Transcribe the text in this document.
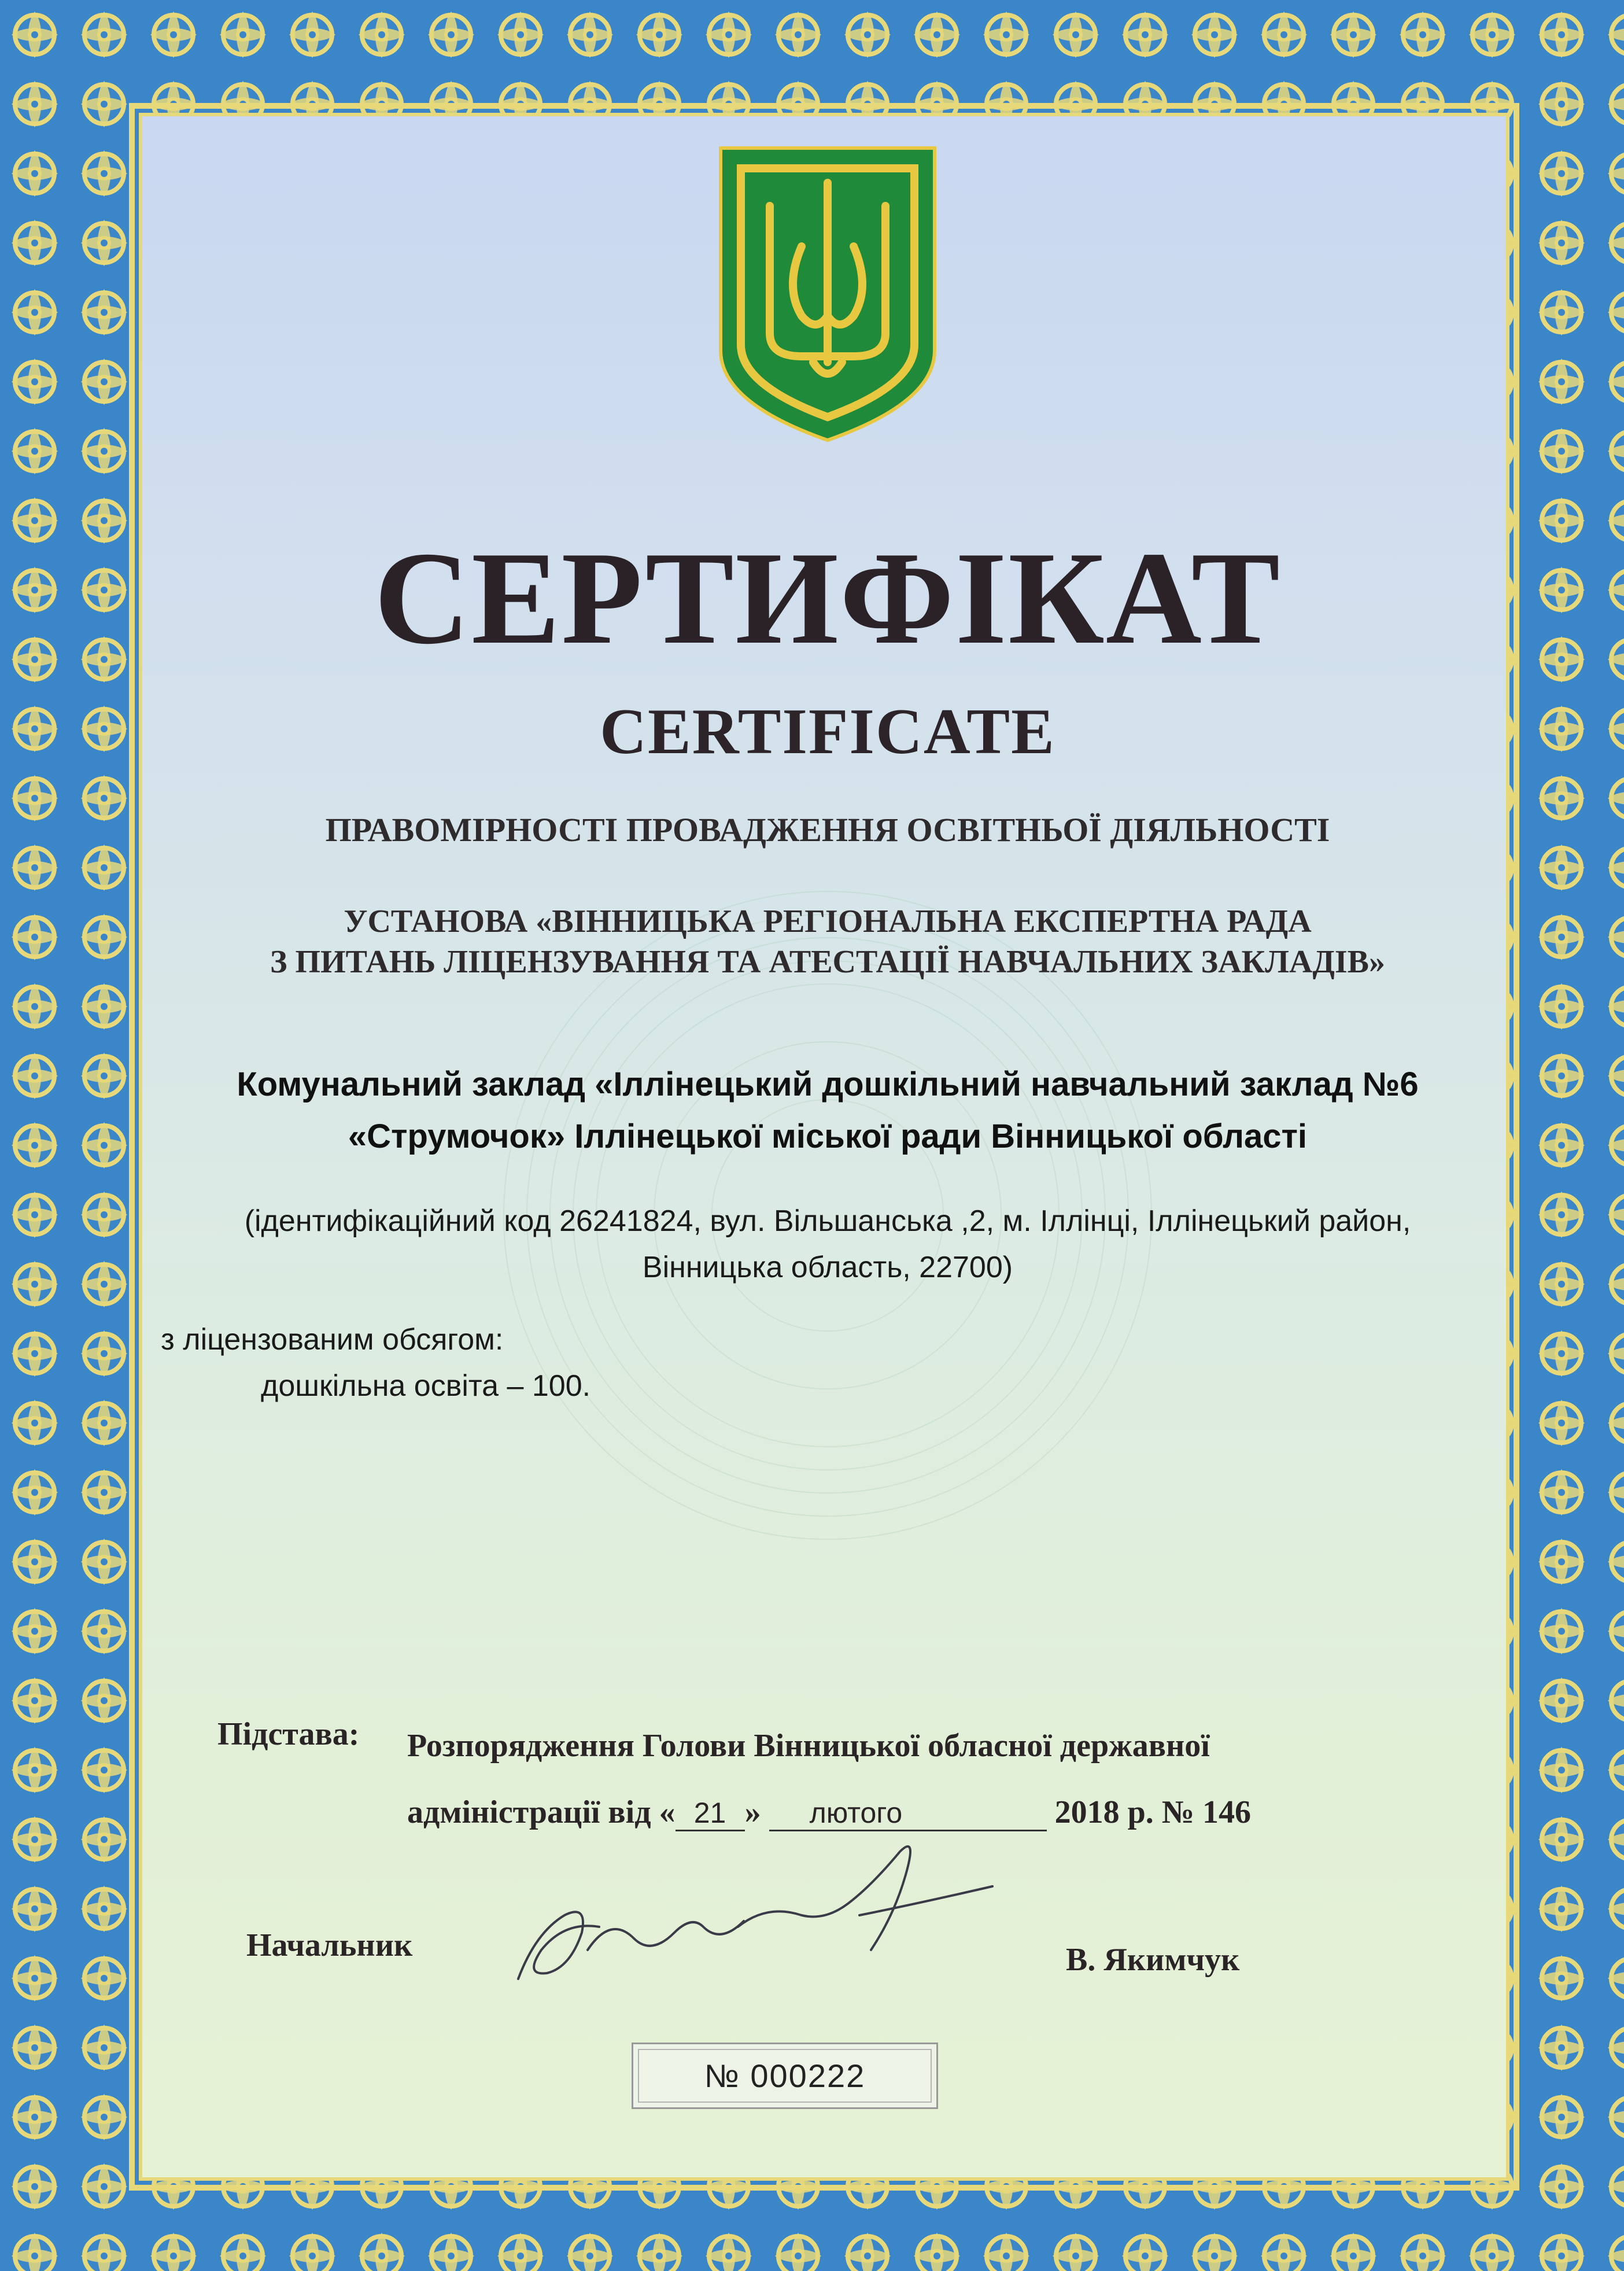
СЕРТИФІКАТ
CERTIFICATE
ПРАВОМІРНОСТІ ПРОВАДЖЕННЯ ОСВІТНЬОЇ ДІЯЛЬНОСТІ
УСТАНОВА «ВІННИЦЬКА РЕГІОНАЛЬНА ЕКСПЕРТНА РАДА
З ПИТАНЬ ЛІЦЕНЗУВАННЯ ТА АТЕСТАЦІЇ НАВЧАЛЬНИХ ЗАКЛАДІВ»
Комунальний заклад «Іллінецький дошкільний навчальний заклад №6
«Струмочок» Іллінецької міської ради Вінницької області
(ідентифікаційний код 26241824, вул. Вільшанська ,2, м. Іллінці, Іллінецький район,
Вінницька область, 22700)
з ліцензованим обсягом:
дошкільна освіта – 100.
Підстава: Розпорядження Голови Вінницької обласної державної
адміністрації від « 21 » лютого	2018 р. № 146
Начальник	В. Якимчук
№ 000222
